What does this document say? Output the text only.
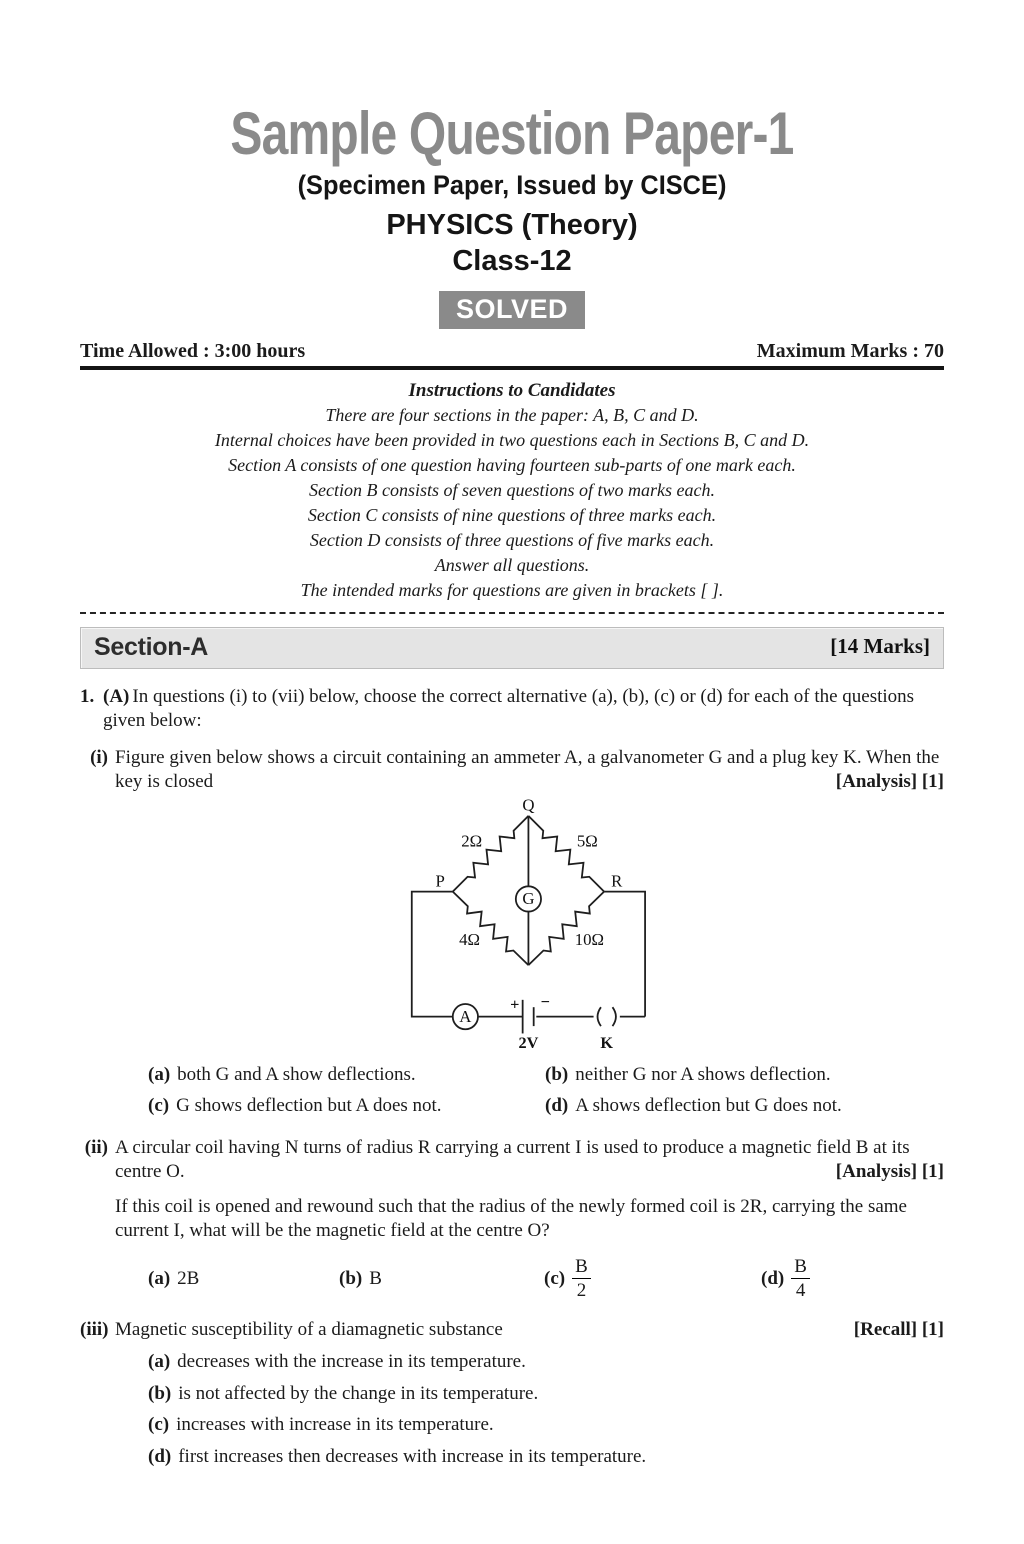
Sample Question Paper-1
(Specimen Paper, Issued by CISCE)
PHYSICS (Theory)
Class-12
SOLVED
Time Allowed : 3:00 hours	Maximum Marks : 70
Instructions to Candidates
There are four sections in the paper: A, B, C and D.
Internal choices have been provided in two questions each in Sections B, C and D.
Section A consists of one question having fourteen sub-parts of one mark each.
Section B consists of seven questions of two marks each.
Section C consists of nine questions of three marks each.
Section D consists of three questions of five marks each.
Answer all questions.
The intended marks for questions are given in brackets [ ].
Section-A	[14 Marks]
1. (A) In questions (i) to (vii) below, choose the correct alternative (a), (b), (c) or (d) for each of the questions given below:
(i) Figure given below shows a circuit containing an ammeter A, a galvanometer G and a plug key K. When the key is closed	[Analysis] [1]
Q
P	R
2Ω	5Ω
4Ω	10Ω
G
A
+ −
2V	K
(a) both G and A show deflections.	(b) neither G nor A shows deflection.
(c) G shows deflection but A does not.	(d) A shows deflection but G does not.
(ii) A circular coil having N turns of radius R carrying a current I is used to produce a magnetic field B at its centre O.	[Analysis] [1]
If this coil is opened and rewound such that the radius of the newly formed coil is 2R, carrying the same current I, what will be the magnetic field at the centre O?
(a) 2B	(b) B	$(c) \frac{B}{2}$	$(d) \frac{B}{4}$
(iii) Magnetic susceptibility of a diamagnetic substance	[Recall] [1]
(a) decreases with the increase in its temperature.
(b) is not affected by the change in its temperature.
(c) increases with increase in its temperature.
(d) first increases then decreases with increase in its temperature.
